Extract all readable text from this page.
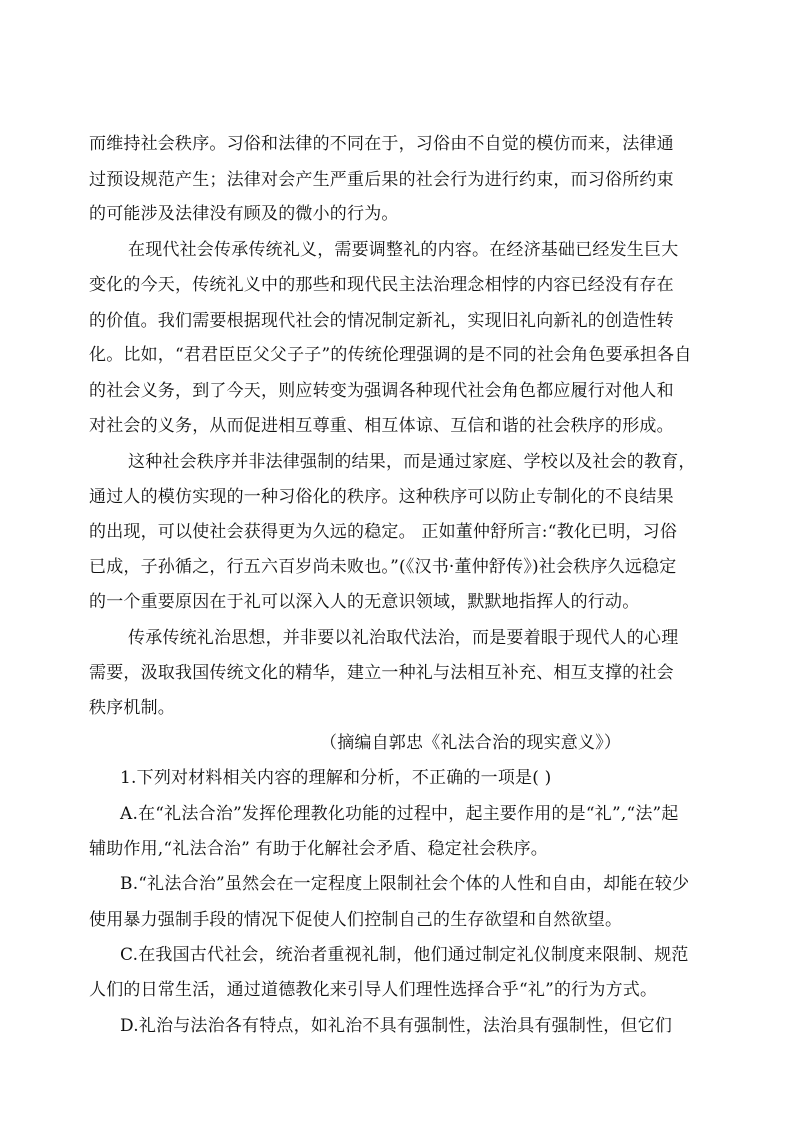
而维持社会秩序。习俗和法律的不同在于，习俗由不自觉的模仿而来，法律通
过预设规范产生；法律对会产生严重后果的社会行为进行约束，而习俗所约束
的可能涉及法律没有顾及的微小的行为。
在现代社会传承传统礼义，需要调整礼的内容。在经济基础已经发生巨大
变化的今天，传统礼义中的那些和现代民主法治理念相悖的内容已经没有存在
的价值。我们需要根据现代社会的情况制定新礼，实现旧礼向新礼的创造性转
化。比如，“君君臣臣父父子子”的传统伦理强调的是不同的社会角色要承担各自
的社会义务，到了今天，则应转变为强调各种现代社会角色都应履行对他人和
对社会的义务，从而促进相互尊重、相互体谅、互信和谐的社会秩序的形成。
这种社会秩序并非法律强制的结果，而是通过家庭、学校以及社会的教育，
通过人的模仿实现的一种习俗化的秩序。这种秩序可以防止专制化的不良结果
的出现，可以使社会获得更为久远的稳定。 正如董仲舒所言:“教化已明，习俗
已成，子孙循之，行五六百岁尚未败也。”(《汉书·董仲舒传》)社会秩序久远稳定
的一个重要原因在于礼可以深入人的无意识领域，默默地指挥人的行动。
传承传统礼治思想，并非要以礼治取代法治，而是要着眼于现代人的心理
需要，汲取我国传统文化的精华，建立一种礼与法相互补充、相互支撑的社会
秩序机制。
（摘编自郭忠《礼法合治的现实意义》）
1.下列对材料相关内容的理解和分析，不正确的一项是( )
A.在“礼法合治”发挥伦理教化功能的过程中，起主要作用的是“礼”,“法”起
辅助作用,“礼法合治” 有助于化解社会矛盾、稳定社会秩序。
B.“礼法合治”虽然会在一定程度上限制社会个体的人性和自由，却能在较少
使用暴力强制手段的情况下促使人们控制自己的生存欲望和自然欲望。
C.在我国古代社会，统治者重视礼制，他们通过制定礼仪制度来限制、规范
人们的日常生活，通过道德教化来引导人们理性选择合乎“礼”的行为方式。
D.礼治与法治各有特点，如礼治不具有强制性，法治具有强制性，但它们
